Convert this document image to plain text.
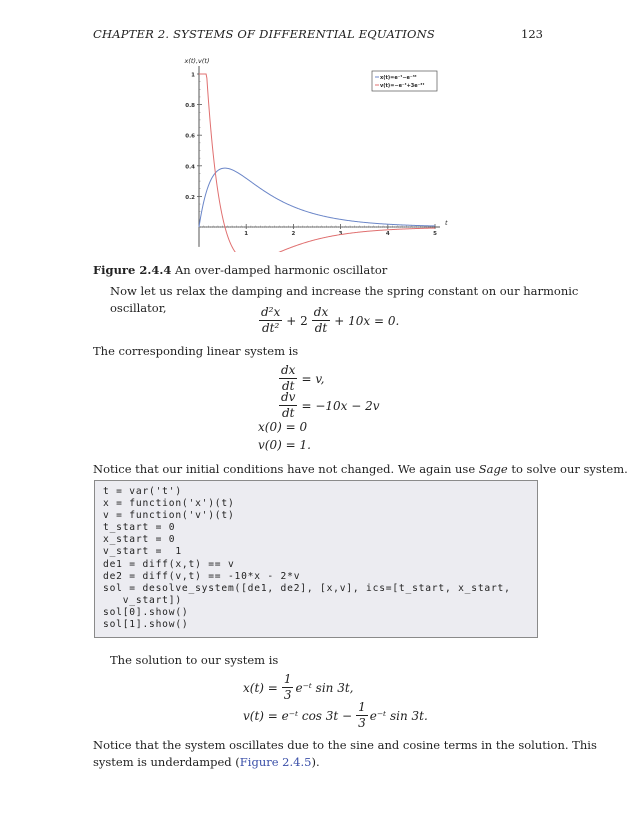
CHAPTER 2. SYSTEMS OF DIFFERENTIAL EQUATIONS	123
0.2
0.4
0.6
0.8
1
1	2	3	4	5
x(t),v(t)
t
x(t)=e⁻ᵗ−e⁻³ᵗ
v(t)=−e⁻ᵗ+3e⁻³ᵗ
Figure 2.4.4 An over-damped harmonic oscillator
Now let us relax the damping and increase the spring constant on our harmonic oscillator,	$\frac{\text{d²x}}{\text{dt²}} + 2 \frac{dx}{dt} + 10x = 0$.
The corresponding linear system is
$\frac{dx}{dt} = v$,
$\frac{dv}{dt} = -10x - 2v$
x(0) = 0
v(0) = 1.
Notice that our initial conditions have not changed. We again use Sage to solve our system.
t = var('t')
x = function('x')(t)
v = function('v')(t)
t_start = 0
x_start = 0
v_start =  1
de1 = diff(x,t) == v
de2 = diff(v,t) == -10*x - 2*v
sol = desolve_system([de1, de2], [x,v], ics=[t_start, x_start,
v_start])
sol[0].show()
sol[1].show()
The solution to our system is
$x(t) = \frac{1}{3}$ e⁻ᵗ sin 3t,
v(t) = e⁻ᵗ $\cos 3t - \frac{1}{3}$ e⁻ᵗ sin 3t.
Notice that the system oscillates due to the sine and cosine terms in the solution. This
system is underdamped (Figure 2.4.5).
